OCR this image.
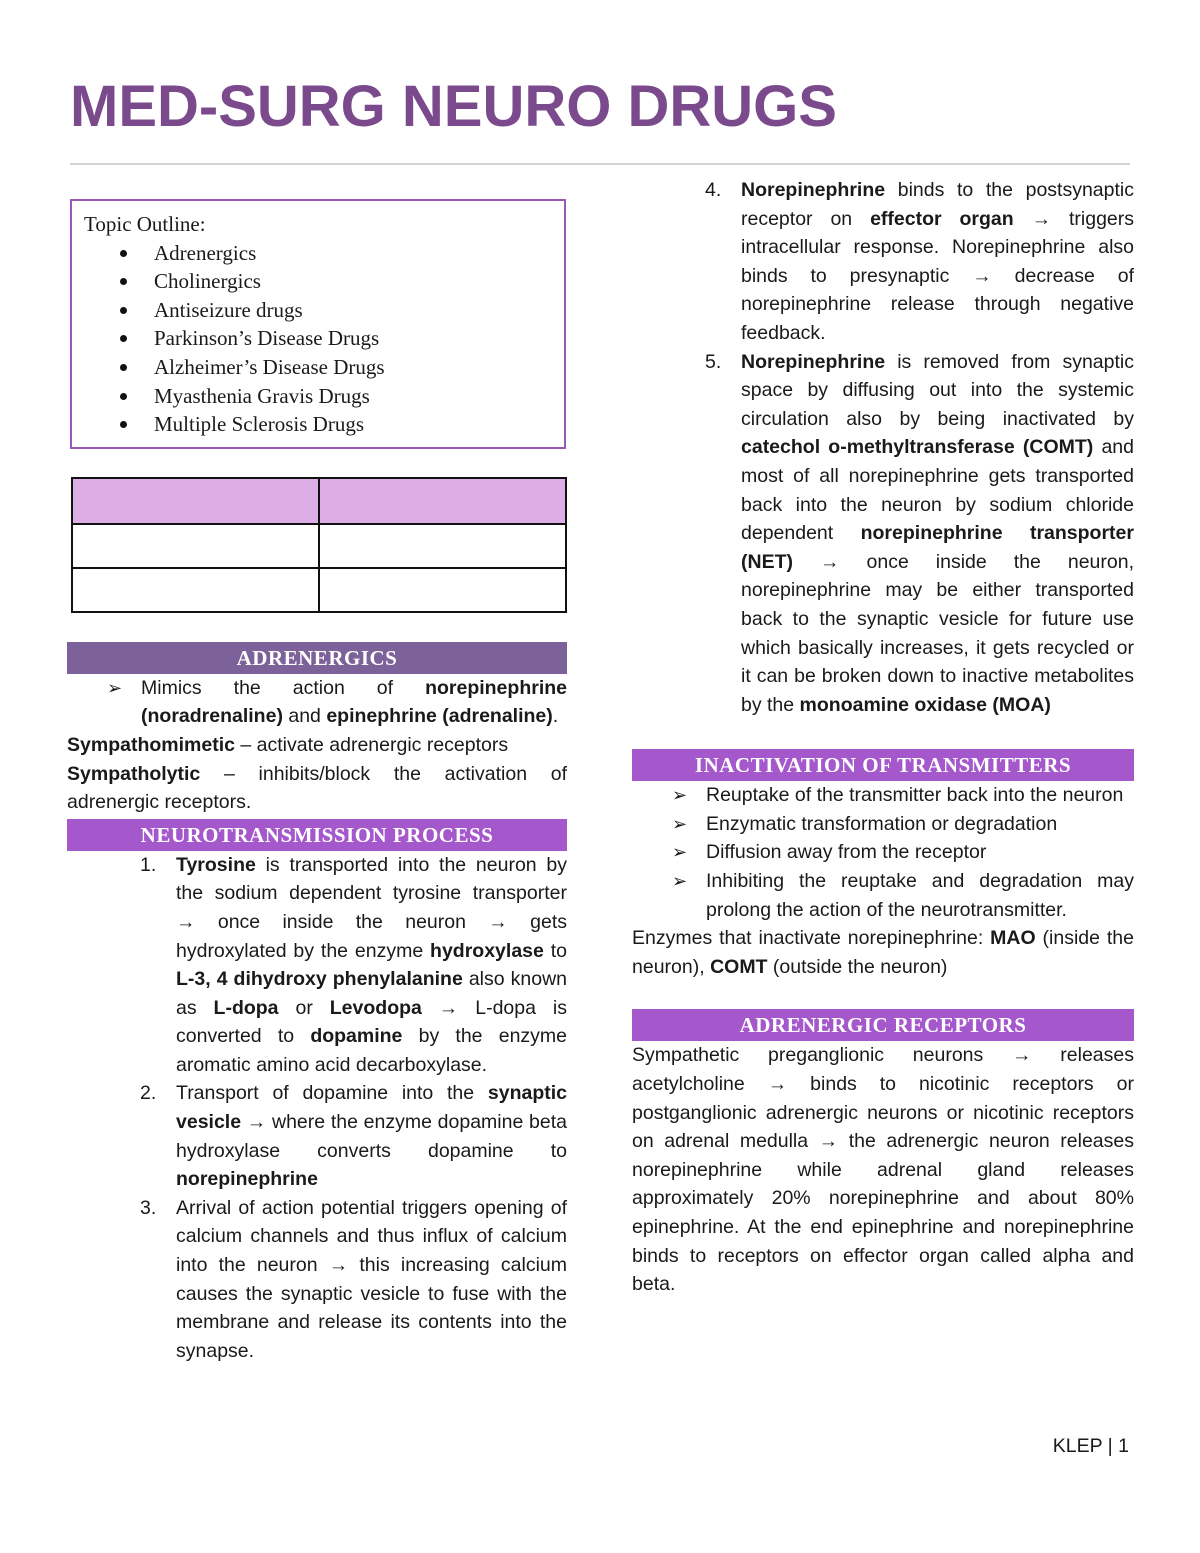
MED-SURG NEURO DRUGS
Topic Outline:
Adrenergics
Cholinergics
Antiseizure drugs
Parkinson’s Disease Drugs
Alzheimer’s Disease Drugs
Myasthenia Gravis Drugs
Multiple Sclerosis Drugs

ADRENERGICS
➢ Mimics the action of norepinephrine (noradrenaline) and epinephrine (adrenaline).

Sympathomimetic – activate adrenergic receptors

Sympatholytic – inhibits/block the activation of adrenergic receptors.

NEUROTRANSMISSION PROCESS
1. Tyrosine is transported into the neuron by the sodium dependent tyrosine transporter → once inside the neuron → gets hydroxylated by the enzyme hydroxylase to L-3, 4 dihydroxy phenylalanine also known as L-dopa or Levodopa → L-dopa is converted to dopamine by the enzyme aromatic amino acid decarboxylase.
2. Transport of dopamine into the synaptic vesicle → where the enzyme dopamine beta hydroxylase converts dopamine to norepinephrine
3. Arrival of action potential triggers opening of calcium channels and thus influx of calcium into the neuron → this increasing calcium causes the synaptic vesicle to fuse with the membrane and release its contents into the synapse.
4. Norepinephrine binds to the postsynaptic receptor on effector organ → triggers intracellular response. Norepinephrine also binds to presynaptic → decrease of norepinephrine release through negative feedback.
5. Norepinephrine is removed from synaptic space by diffusing out into the systemic circulation also by being inactivated by catechol o-methyltransferase (COMT) and most of all norepinephrine gets transported back into the neuron by sodium chloride dependent norepinephrine transporter (NET) → once inside the neuron, norepinephrine may be either transported back to the synaptic vesicle for future use which basically increases, it gets recycled or it can be broken down to inactive metabolites by the monoamine oxidase (MOA)
INACTIVATION OF TRANSMITTERS
➢ Reuptake of the transmitter back into the neuron
➢ Enzymatic transformation or degradation
➢ Diffusion away from the receptor
➢ Inhibiting the reuptake and degradation may prolong the action of the neurotransmitter.

Enzymes that inactivate norepinephrine: MAO (inside the neuron), COMT (outside the neuron)

ADRENERGIC RECEPTORS

Sympathetic preganglionic neurons → releases acetylcholine → binds to nicotinic receptors or postganglionic adrenergic neurons or nicotinic receptors on adrenal medulla → the adrenergic neuron releases norepinephrine while adrenal gland releases approximately 20% norepinephrine and about 80% epinephrine. At the end epinephrine and norepinephrine binds to receptors on effector organ called alpha and beta.

KLEP | 1
